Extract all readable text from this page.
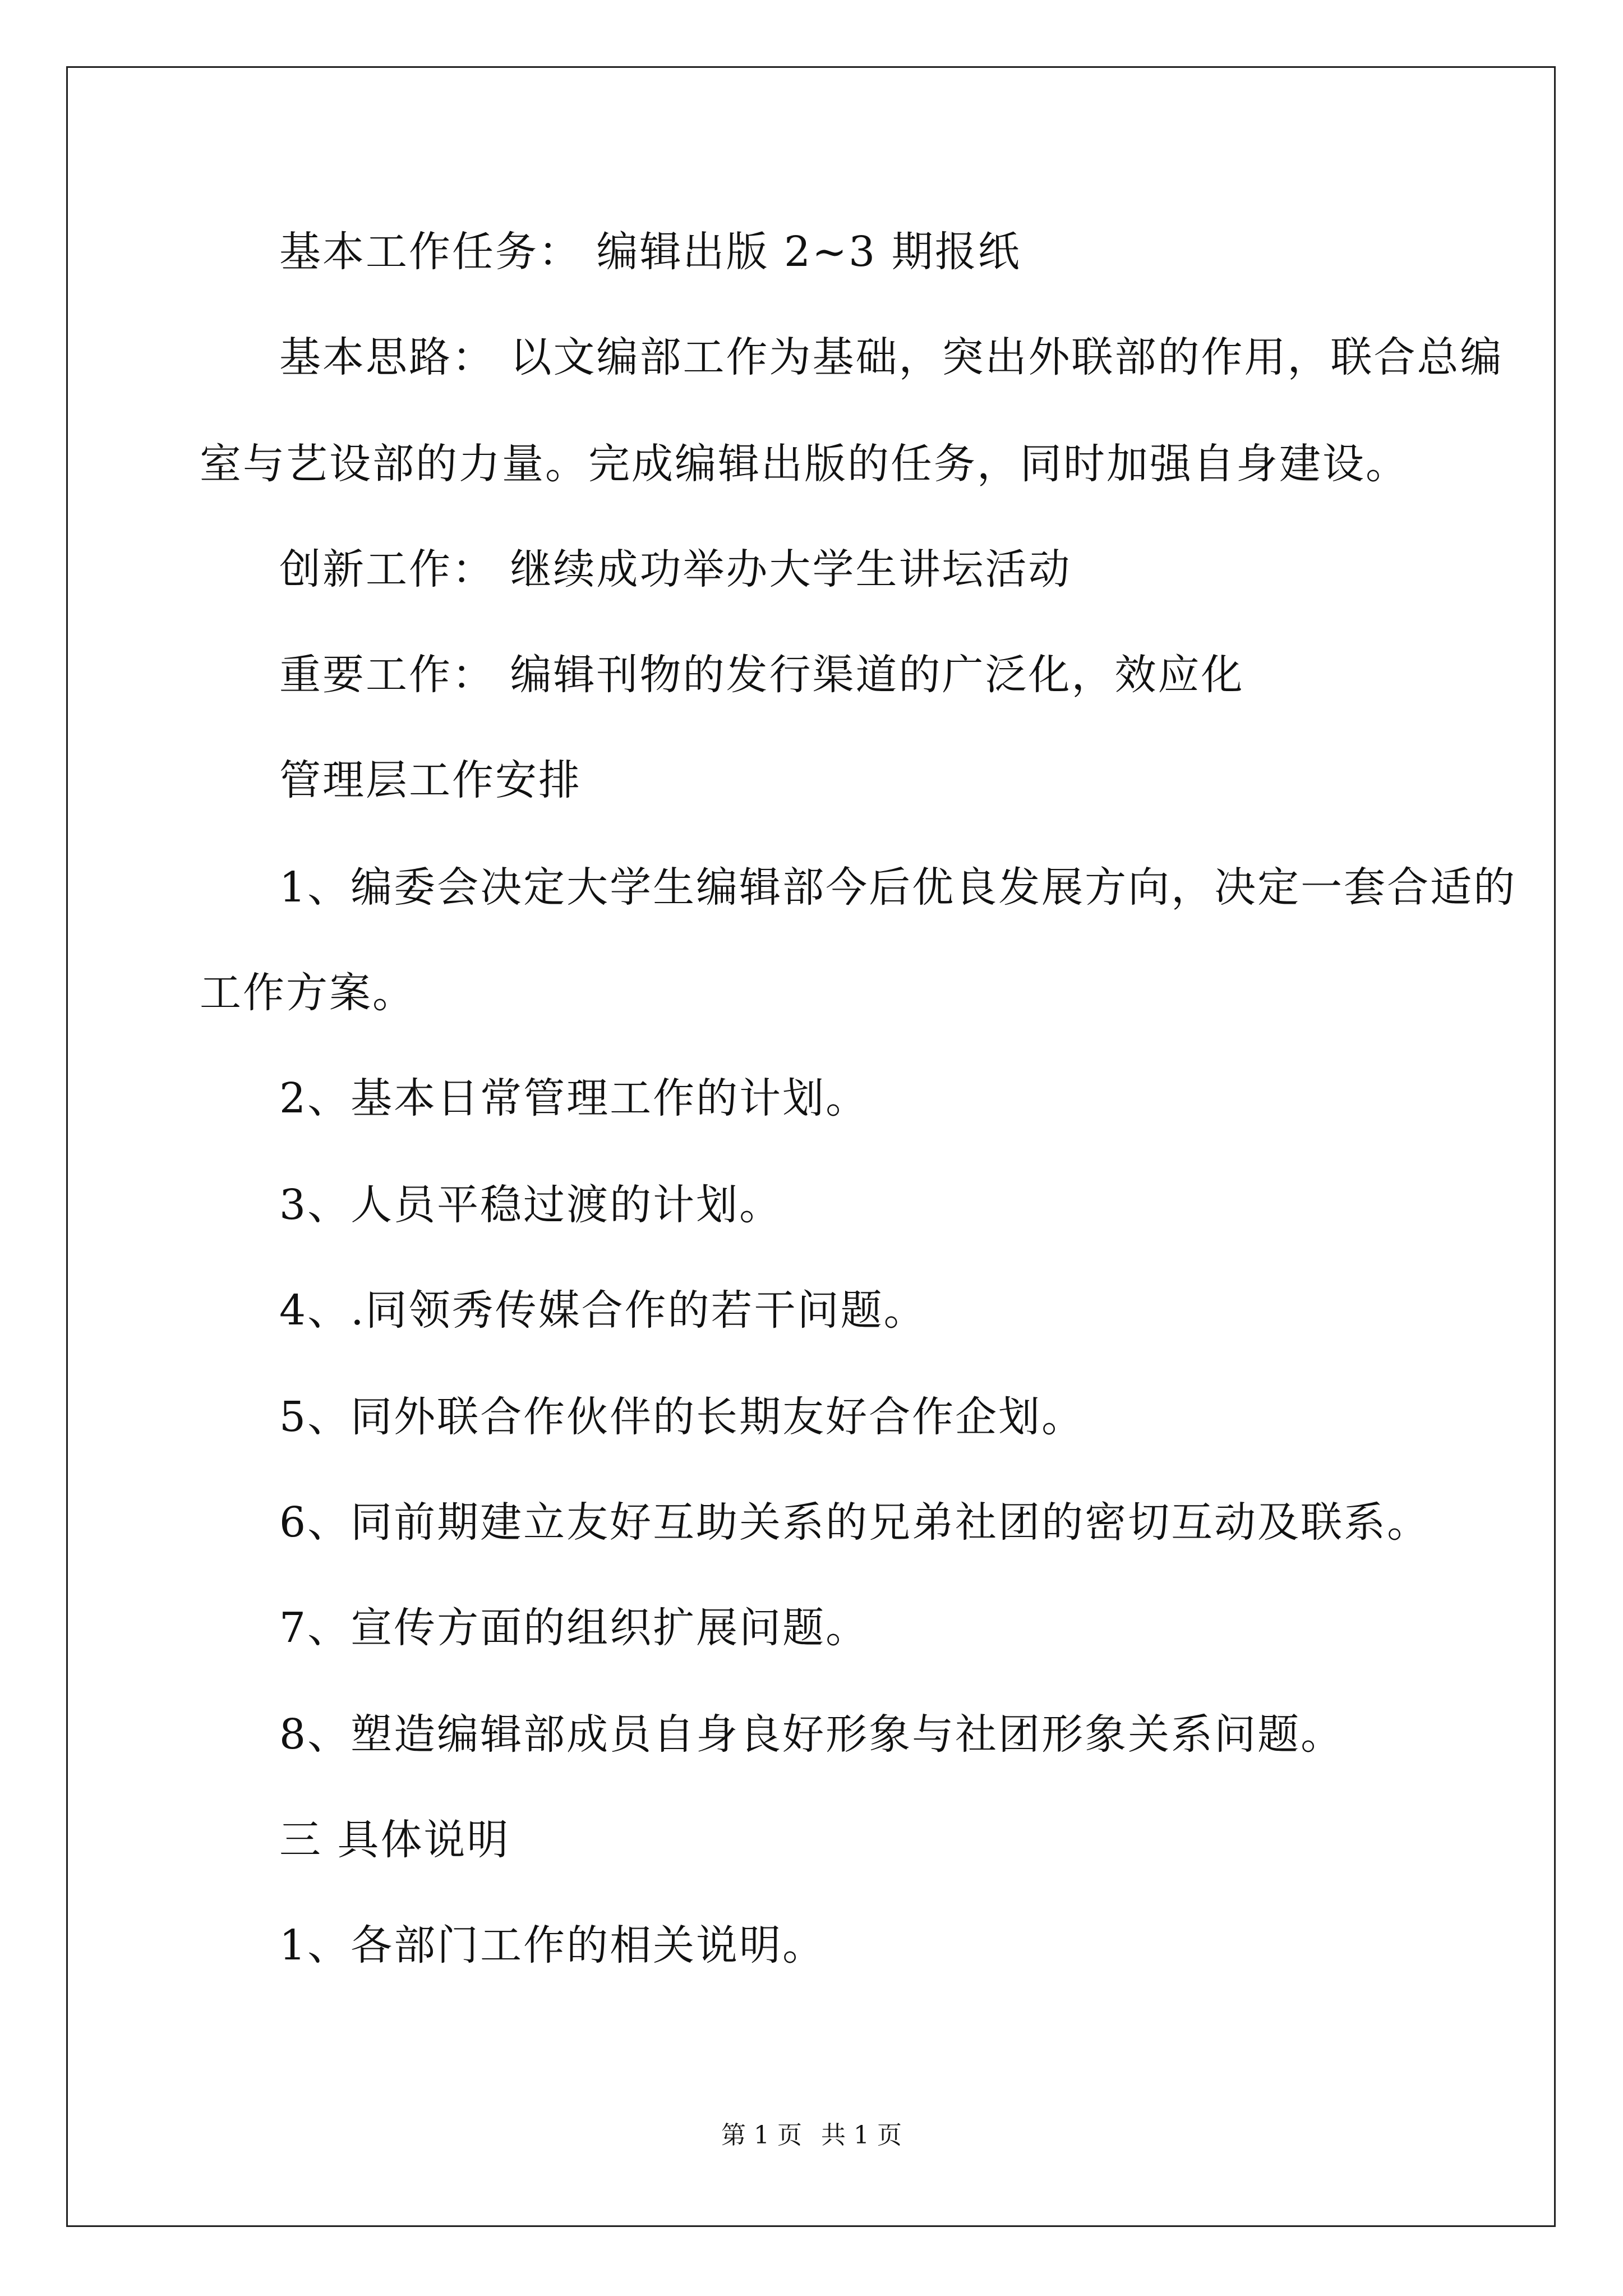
基本工作任务： 编辑出版 2~3 期报纸
基本思路： 以文编部工作为基础，突出外联部的作用，联合总编
室与艺设部的力量。完成编辑出版的任务，同时加强自身建设。
创新工作： 继续成功举办大学生讲坛活动
重要工作： 编辑刊物的发行渠道的广泛化，效应化
管理层工作安排
1、编委会决定大学生编辑部今后优良发展方向，决定一套合适的
工作方案。
2、基本日常管理工作的计划。
3、人员平稳过渡的计划。
4、.同领秀传媒合作的若干问题。
5、同外联合作伙伴的长期友好合作企划。
6、同前期建立友好互助关系的兄弟社团的密切互动及联系。
7、宣传方面的组织扩展问题。
8、塑造编辑部成员自身良好形象与社团形象关系问题。
三 具体说明
1、各部门工作的相关说明。
第 1 页 共 1 页
